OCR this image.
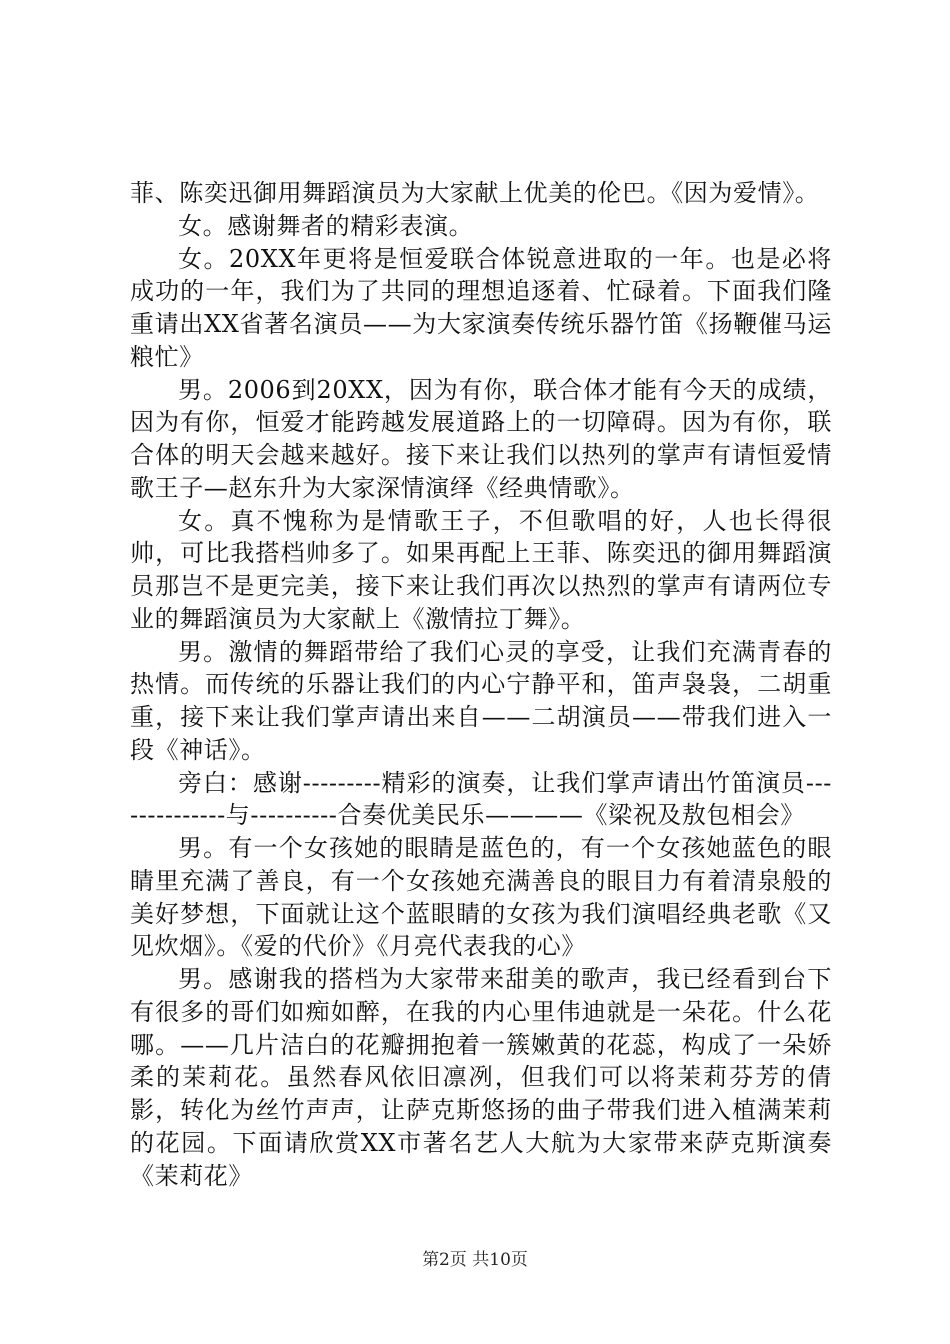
菲、陈奕迅御用舞蹈演员为大家献上优美的伦巴。《因为爱情》。

女。感谢舞者的精彩表演。

女。20XX年更将是恒爱联合体锐意进取的一年。也是必将成功的一年，我们为了共同的理想追逐着、忙碌着。下面我们隆重请出XX省著名演员——为大家演奏传统乐器竹笛《扬鞭催马运粮忙》

男。2006到20XX，因为有你，联合体才能有今天的成绩，因为有你，恒爱才能跨越发展道路上的一切障碍。因为有你，联合体的明天会越来越好。接下来让我们以热列的掌声有请恒爱情歌王子—赵东升为大家深情演绎《经典情歌》。

女。真不愧称为是情歌王子，不但歌唱的好，人也长得很帅，可比我搭档帅多了。如果再配上王菲、陈奕迅的御用舞蹈演员那岂不是更完美，接下来让我们再次以热烈的掌声有请两位专业的舞蹈演员为大家献上《激情拉丁舞》。

男。激情的舞蹈带给了我们心灵的享受，让我们充满青春的热情。而传统的乐器让我们的内心宁静平和，笛声袅袅，二胡重重，接下来让我们掌声请出来自——二胡演员——带我们进入一段《神话》。

旁白：感谢---------精彩的演奏，让我们掌声请出竹笛演员--------------与----------合奏优美民乐————《梁祝及敖包相会》

男。有一个女孩她的眼睛是蓝色的，有一个女孩她蓝色的眼睛里充满了善良，有一个女孩她充满善良的眼目力有着清泉般的美好梦想，下面就让这个蓝眼睛的女孩为我们演唱经典老歌《又见炊烟》。《爱的代价》《月亮代表我的心》

男。感谢我的搭档为大家带来甜美的歌声，我已经看到台下有很多的哥们如痴如醉，在我的内心里伟迪就是一朵花。什么花哪。——几片洁白的花瓣拥抱着一簇嫩黄的花蕊，构成了一朵娇柔的茉莉花。虽然春风依旧凛冽，但我们可以将茉莉芬芳的倩影，转化为丝竹声声，让萨克斯悠扬的曲子带我们进入植满茉莉的花园。下面请欣赏XX市著名艺人大航为大家带来萨克斯演奏《茉莉花》

第2页 共10页
